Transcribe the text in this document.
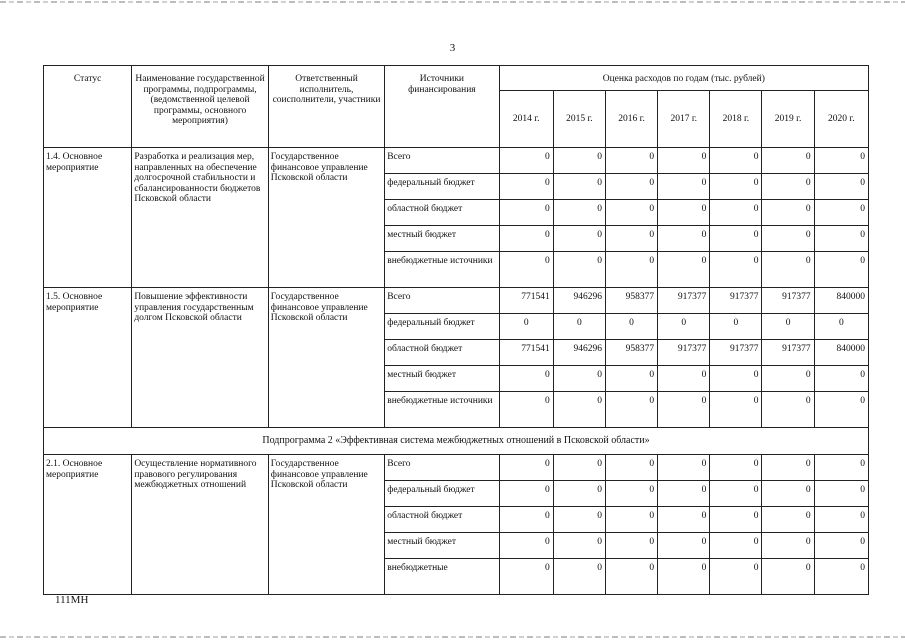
3
Статус	Наименование государственной программы, подпрограммы, (ведомственной целевой программы, основного мероприятия)	Ответственный исполнитель, соисполнители, участники	Источники финансирования	Оценка расходов по годам (тыс. рублей)						
				2014 г.	2015 г.	2016 г.	2017 г.	2018 г.	2019 г.	2020 г.
1.4. Основное мероприятие	Разработка и реализация мер, направленных на обеспечение долгосрочной стабильности и сбалансированности бюджетов Псковской области	Государственное финансовое управление Псковской области	Всего	0	0	0	0	0	0	0
			федеральный бюджет	0	0	0	0	0	0	0
			областной бюджет	0	0	0	0	0	0	0
			местный бюджет	0	0	0	0	0	0	0
			внебюджетные источники	0	0	0	0	0	0	0
1.5. Основное мероприятие	Повышение эффективности управления государственным долгом Псковской области	Государственное финансовое управление Псковской области	Всего	771541	946296	958377	917377	917377	917377	840000
			федеральный бюджет	0	0	0	0	0	0	0
			областной бюджет	771541	946296	958377	917377	917377	917377	840000
			местный бюджет	0	0	0	0	0	0	0
			внебюджетные источники	0	0	0	0	0	0	0
Подпрограмма 2 «Эффективная система межбюджетных отношений в Псковской области»										
2.1. Основное мероприятие	Осуществление нормативного правового регулирования межбюджетных отношений	Государственное финансовое управление Псковской области	Всего	0	0	0	0	0	0	0
			федеральный бюджет	0	0	0	0	0	0	0
			областной бюджет	0	0	0	0	0	0	0
			местный бюджет	0	0	0	0	0	0	0
			внебюджетные	0	0	0	0	0	0	0
111МН
